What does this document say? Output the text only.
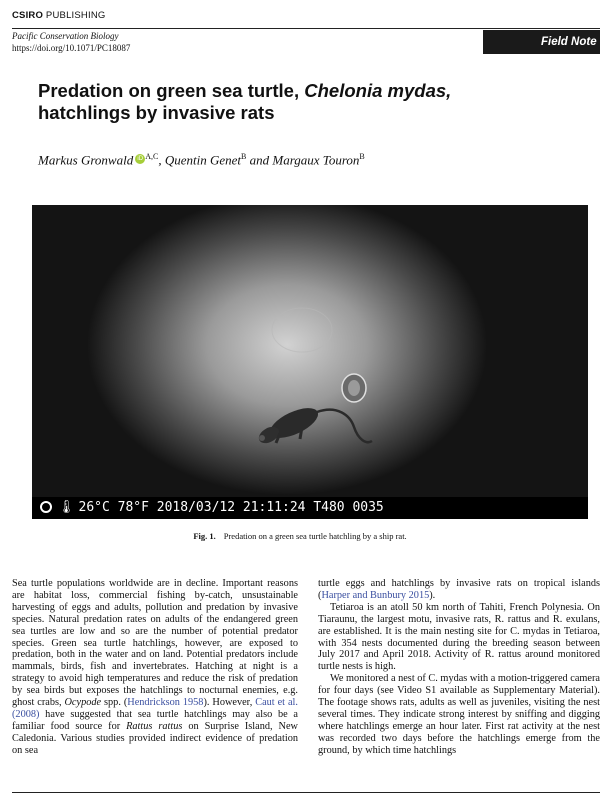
CSIRO PUBLISHING
Pacific Conservation Biology
https://doi.org/10.1071/PC18087	Field Note
Predation on green sea turtle, Chelonia mydas,
hatchlings by invasive rats
Markus Gronwald iD $^{A,C}$, Quentin Genet$^B$ and Margaux Touron$^B$
🌡 26°C 78°F 2018/03/12 21:11:24 T480 0035
Fig. 1. Predation on a green sea turtle hatchling by a ship rat.

Sea turtle populations worldwide are in decline. Important reasons are habitat loss, commercial fishing by-catch, unsustainable harvesting of eggs and adults, pollution and predation by invasive species. Natural predation rates on adults of the endangered green sea turtles are low and so are the number of potential predator species. Green sea turtle hatchlings, however, are exposed to predation, both in the water and on land. Potential predators include mammals, birds, fish and invertebrates. Hatching at night is a strategy to avoid high temperatures and reduce the risk of predation by sea birds but exposes the hatchlings to nocturnal enemies, e.g. ghost crabs, Ocypode spp. (Hendrickson 1958). However, Caut et al. (2008) have suggested that sea turtle hatchlings may also be a familiar food source for Rattus rattus on Surprise Island, New Caledonia. Various studies provided indirect evidence of predation on sea

turtle eggs and hatchlings by invasive rats on tropical islands (Harper and Bunbury 2015).

Tetiaroa is an atoll 50 km north of Tahiti, French Polynesia. On Tiaraunu, the largest motu, invasive rats, R. rattus and R. exulans, are established. It is the main nesting site for C. mydas in Tetiaroa, with 354 nests documented during the breeding season between July 2017 and April 2018. Activity of R. rattus around monitored turtle nests is high.

We monitored a nest of C. mydas with a motion-triggered camera for four days (see Video S1 available as Supplementary Material). The footage shows rats, adults as well as juveniles, visiting the nest several times. They indicate strong interest by sniffing and digging where hatchlings emerge an hour later. First rat activity at the nest was recorded two days before the hatchlings emerge from the ground, by which time hatchlings
